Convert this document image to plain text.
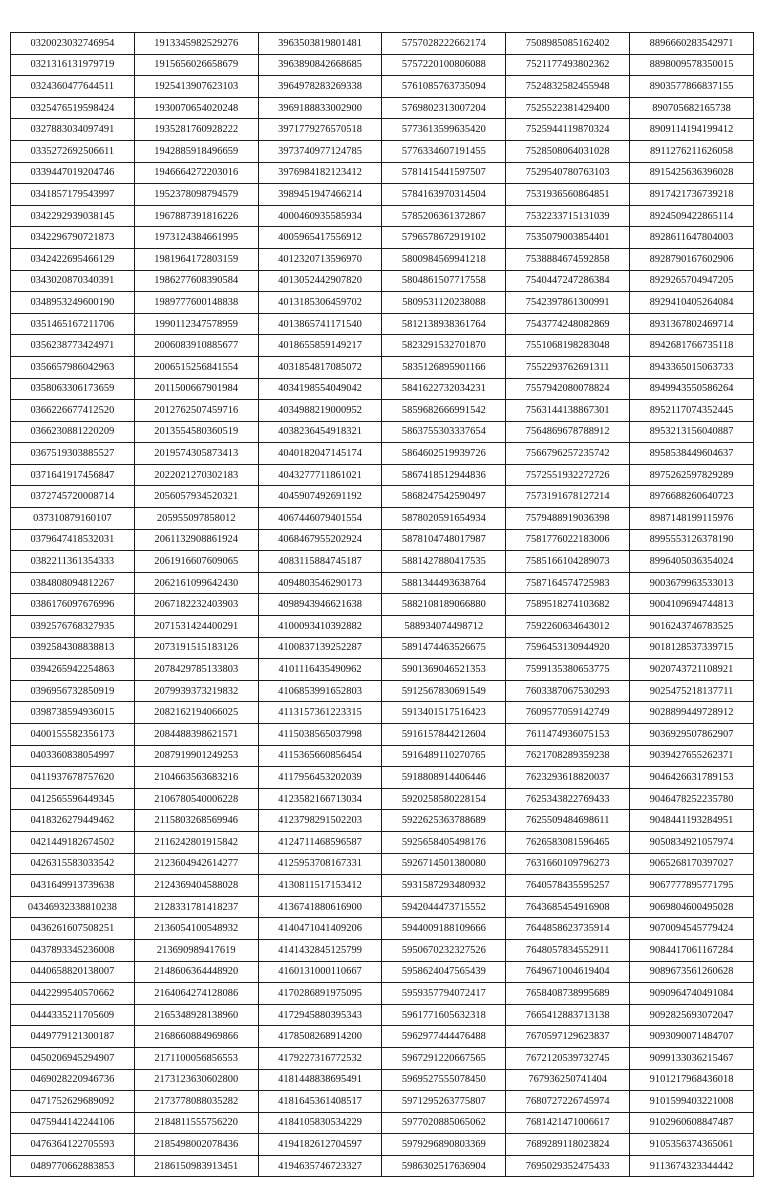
0320023032746954	1913345982529276	3963503819801481	5757028222662174	7508985085162402	8896660283542971
0321316131979719	1915656026658679	3963890842668685	5757220100806088	7521177493802362	8898009578350015
0324360477644511	1925413907623103	3964978283269338	5761085763735094	7524832582455948	8903577866837155
0325476519598424	1930070654020248	3969188833002900	5769802313007204	7525522381429400	890705682165738
0327883034097491	1935281760928222	3971779276570518	5773613599635420	7525944119870324	8909114194199412
0335272692506611	1942885918496659	3973740977124785	5776334607191455	7528508064031028	8911276211626058
0339447019204746	1946664272203016	3976984182123412	5781415441597507	7529540780763103	8915425636396028
0341857179543997	1952378098794579	3989451947466214	5784163970314504	7531936560864851	8917421736739218
0342292939038145	1967887391816226	4000460935585934	5785206361372867	7532233715131039	8924509422865114
0342296790721873	1973124384661995	4005965417556912	5796578672919102	7535079003854401	8928611647804003
0342422695466129	1981964172803159	4012320713596970	5800984569941218	7538884674592858	8928790167602906
0343020870340391	1986277608390584	4013052442907820	5804861507717558	7540447247286384	8929265704947205
0348953249600190	1989777600148838	4013185306459702	5809531120238088	7542397861300991	8929410405264084
0351465167211706	1990112347578959	4013865741171540	5812138938361764	7543774248082869	8931367802469714
0356238773424971	2006083910885677	4018655859149217	5823291532701870	7551068198283048	8942681766735118
0356657986042963	2006515256841554	4031854817085072	5835126895901166	7552293762691311	8943365015063733
0358063306173659	2011500667901984	4034198554049042	5841622732034231	7557942080078824	8949943550586264
0366226677412520	2012762507459716	4034988219000952	5859682666991542	7563144138867301	8952117074352445
0366230881220209	2013554580360519	4038236454918321	5863755303337654	7564869678788912	8953213156040887
0367519303885527	2019574305873413	4040182047145174	5864602519939726	7566796257235742	8958538449604637
0371641917456847	2022021270302183	4043277711861021	5867418512944836	7572551932272726	8975262597829289
0372745720008714	2056057934520321	4045907492691192	5868247542590497	7573191678127214	8976688260640723
037310879160107	205955097858012	4067446079401554	5878020591654934	7579488919036398	8987148199115976
0379647418532031	2061132908861924	4068467955202924	5878104748017987	7581776022183006	8995553126378190
0382211361354333	2061916607609065	4083115884745187	5881427880417535	7585166104289073	8996405036354024
0384808094812267	2062161099642430	4094803546290173	5881344493638764	7587164574725983	9003679963533013
0386176097676996	2067182232403903	4098943946621638	5882108189066880	7589518274103682	9004109694744813
0392576768327935	2071531424400291	4100093410392882	588934074498712	7592260634643012	9016243746783525
0392584308838813	2073191515183126	4100837139252287	5891474463526675	7596453130944920	9018128537339715
0394265942254863	2078429785133803	4101116435490962	5901369046521353	7599135380653775	9020743721108921
0396956732850919	2079939373219832	4106853991652803	5912567830691549	7603387067530293	9025475218137711
0398738594936015	2082162194066025	4113157361223315	5913401517516423	7609577059142749	9028899449728912
0400155582356173	2084488398621571	4115038565037998	5916157844212604	7611474936075153	9036929507862907
0403360838054997	2087919901249253	4115365660856454	5916489110270765	7621708289359238	9039427655262371
0411937678757620	2104663563683216	4117956453202039	5918808914406446	7623293618820037	9046426631789153
0412565596449345	2106780540006228	4123582166713034	5920258580228154	7625343822769433	9046478252235780
0418326279449462	2115803268569946	4123798291502203	5922625363788689	7625509484698611	9048441193284951
0421449182674502	2116242801915842	4124711468596587	5925658405498176	7626583081596465	9050834921057974
0426315583033542	2123604942614277	4125953708167331	5926714501380080	7631660109796273	9065268170397027
0431649913739638	2124369404588028	4130811517153412	5931587293480932	7640578435595257	9067777895771795
04346932338810238	2128331781418237	4136741880616900	5942044473715552	7643685454916908	9069804600495028
0436261607508251	2136054100548932	4140471041409206	5944009188109666	7644858623735914	9070094545779424
0437893345236008	213690989417619	4141432845125799	5950670232327526	7648057834552911	9084417061167284
0440658820138007	2148606364448920	4160131000110667	5958624047565439	7649671004619404	9089673561260628
0442299540570662	2164064274128086	4170286891975095	5959357794072417	7658408738995689	9090964740491084
0444335211705609	2165348928138960	4172945880395343	5961771605632318	7665412883713138	9092825693072047
0449779121300187	2168660884969866	4178508268914200	5962977444476488	7670597129623837	9093090071484707
0450206945294907	2171100056856553	4179227316772532	5967291220667565	7672120539732745	9099133036215467
0469028220946736	2173123630602800	4181448838695491	5969527555078450	767936250741404	9101217968436018
0471752629689092	2173778088035282	4181645361408517	5971295263775807	7680727226745974	9101599403221008
0475944142244106	2184811555756220	4184105830534229	5977020885065062	7681421471006617	9102960608847487
0476364122705593	2185498002078436	4194182612704597	5979296890803369	7689289118023824	9105356374365061
0489770662883853	2186150983913451	4194635746723327	5986302517636904	7695029352475433	9113674323344442
